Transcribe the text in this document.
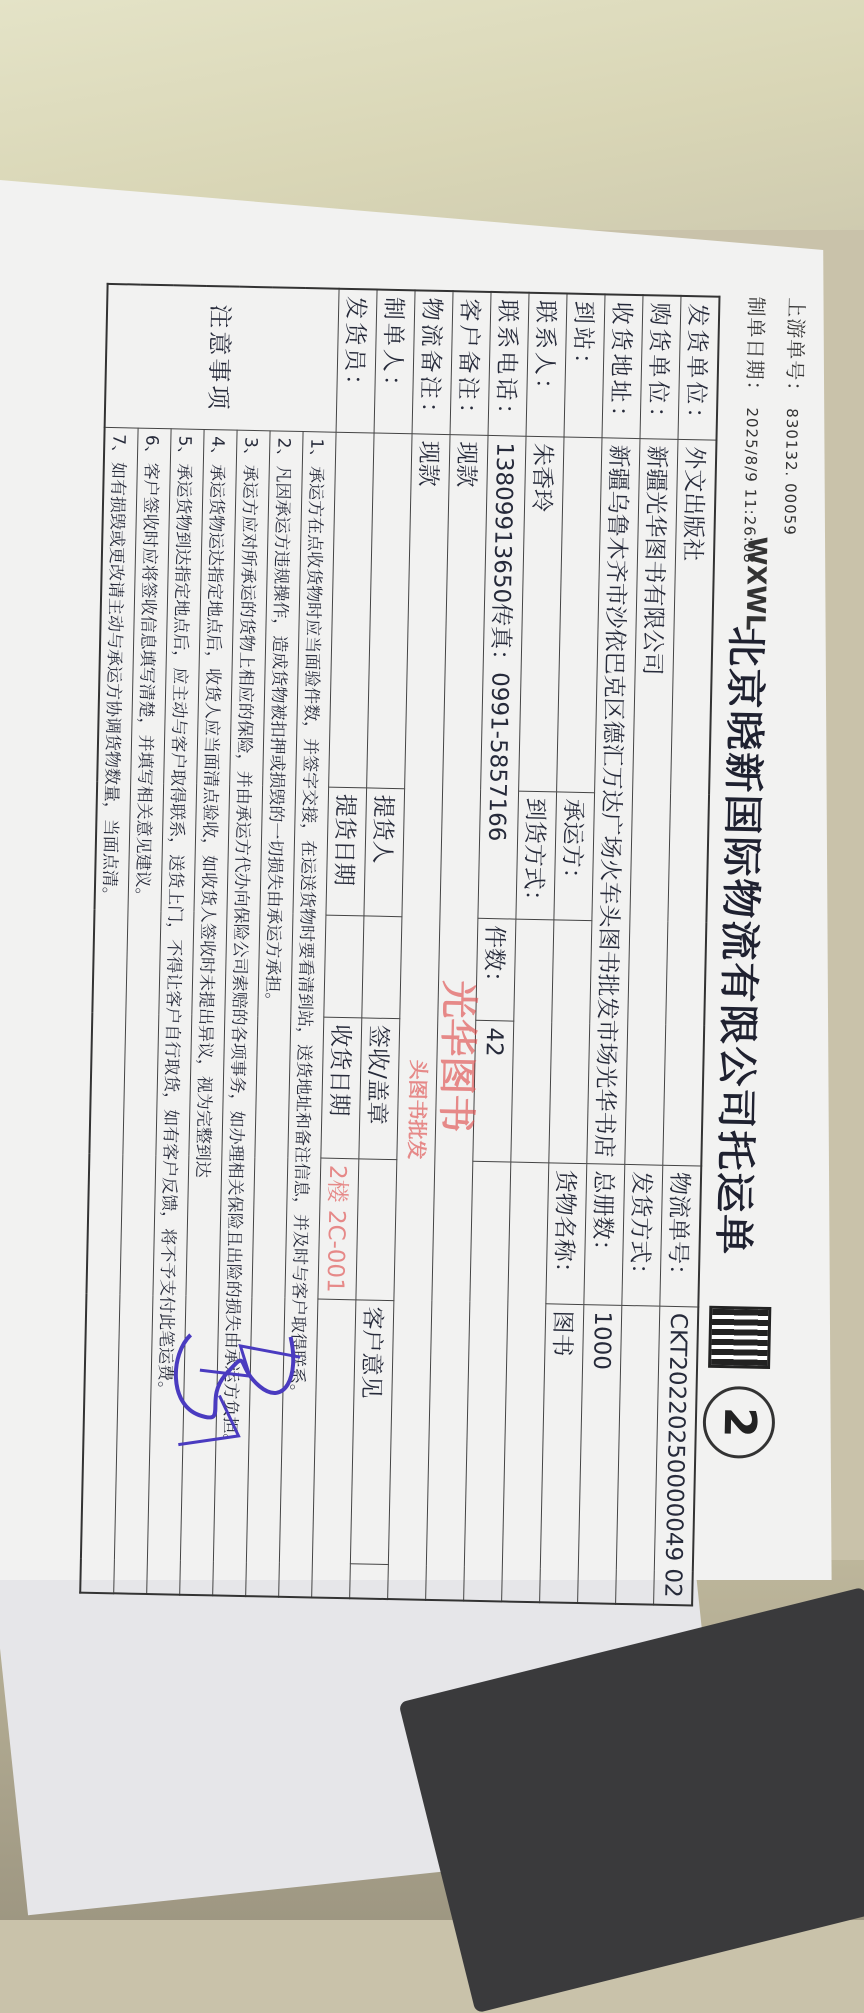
上游单号：830132. 00059
制单日期：2025/8/9 11:26:08
WXWL
北京晓新国际物流有限公司托运单
2
发货单位：	外文出版社				物流单号：	CKT20220250000049 02	
购货单位：	新疆光华图书有限公司				发货方式：		
收货地址：	新疆乌鲁木齐市沙依巴克区德汇万达广场火车头图书批发市场光华书店				总册数：	1000	
到站：		承运方：			货物名称：	图书	
联系人：	朱香玲	到货方式：					
联系电话：	13809913650传真：0991-5857166		件数：	42			
客户备注：	现款						
物流备注：	现款						
制单人：		提货人		签收/盖章		客户意见	
发货员：		提货日期		收货日期	2楼 2C-001		
注意事项	1、承运方在点收货物时应当面验件数，并签字交接，在运送货物时要看清到站，送货地址和备注信息，并及时与客户取得联系。						
	2、凡因承运方违规操作，造成货物被扣押或损毁的一切损失由承运方承担。						
	3、承运方应对所承运的货物上相应的保险，并由承运方代办向保险公司索赔的各项事务，如办理相关保险且出险的损失由承运方负担。						
	4、承运货物运达指定地点后，收货人应当面清点验收，如收货人签收时未提出异议，视为完整到达						
	5、承运货物到达指定地点后，应主动与客户取得联系，送货上门，不得让客户自行取货，如有客户反馈，将不予支付此笔运费。						
	6、客户签收时应将签收信息填写清楚，并填写相关意见建议。						
	7、如有损毁或更改请主动与承运方协调货物数量，当面点清。						
光华图书
头图书批发
